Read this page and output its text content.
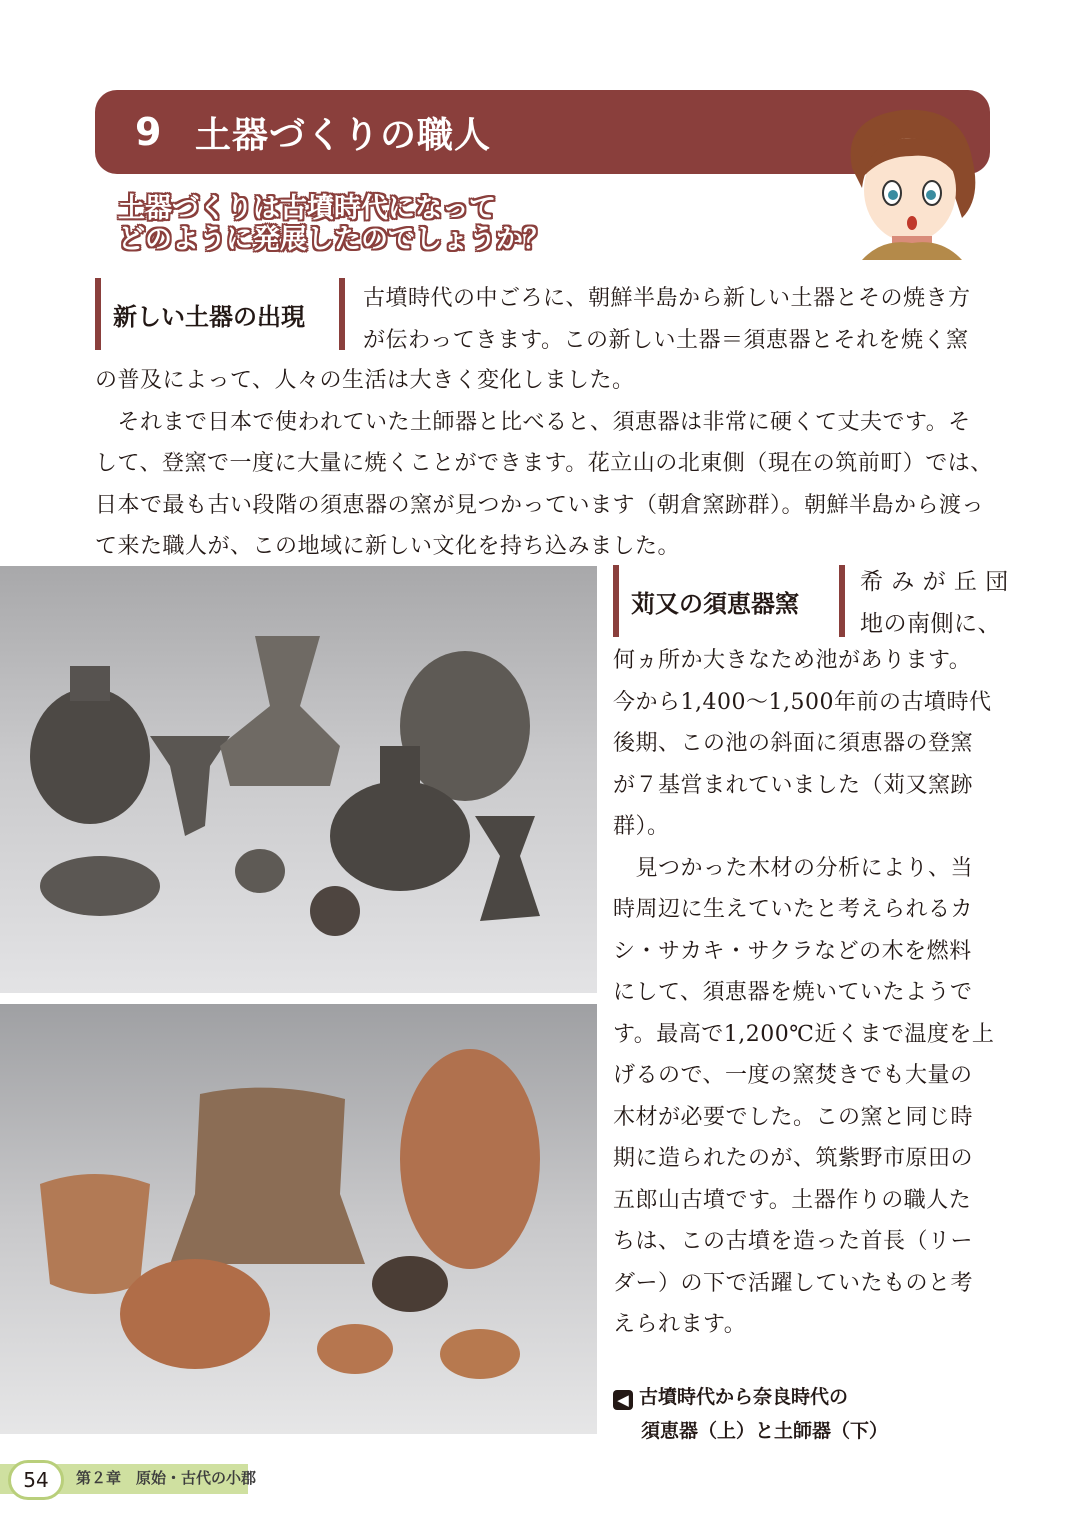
9 土器づくりの職人
土器づくりは古墳時代になって
どのように発展したのでしょうか？
新しい土器の出現
古墳時代の中ごろに、朝鮮半島から新しい土器とその焼き方
が伝わってきます。この新しい土器＝須恵器とそれを焼く窯
の普及によって、人々の生活は大きく変化しました。
　それまで日本で使われていた土師器と比べると、須恵器は非常に硬くて丈夫です。そ
して、登窯で一度に大量に焼くことができます。花立山の北東側（現在の筑前町）では、
日本で最も古い段階の須恵器の窯が見つかっています（朝倉窯跡群）。朝鮮半島から渡っ
て来た職人が、この地域に新しい文化を持ち込みました。
苅又の須恵器窯
希 み が 丘 団
地の南側に、
何ヵ所か大きなため池があります。
今から1,400〜1,500年前の古墳時代
後期、この池の斜面に須恵器の登窯
が７基営まれていました（苅又窯跡
群）。
　見つかった木材の分析により、当
時周辺に生えていたと考えられるカ
シ・サカキ・サクラなどの木を燃料
にして、須恵器を焼いていたようで
す。最高で1,200℃近くまで温度を上
げるので、一度の窯焚きでも大量の
木材が必要でした。この窯と同じ時
期に造られたのが、筑紫野市原田の
五郎山古墳です。土器作りの職人た
ちは、この古墳を造った首長（リー
ダー）の下で活躍していたものと考
えられます。
◀ 古墳時代から奈良時代の
須恵器（上）と土師器（下）
54	第２章　原始・古代の小郡
